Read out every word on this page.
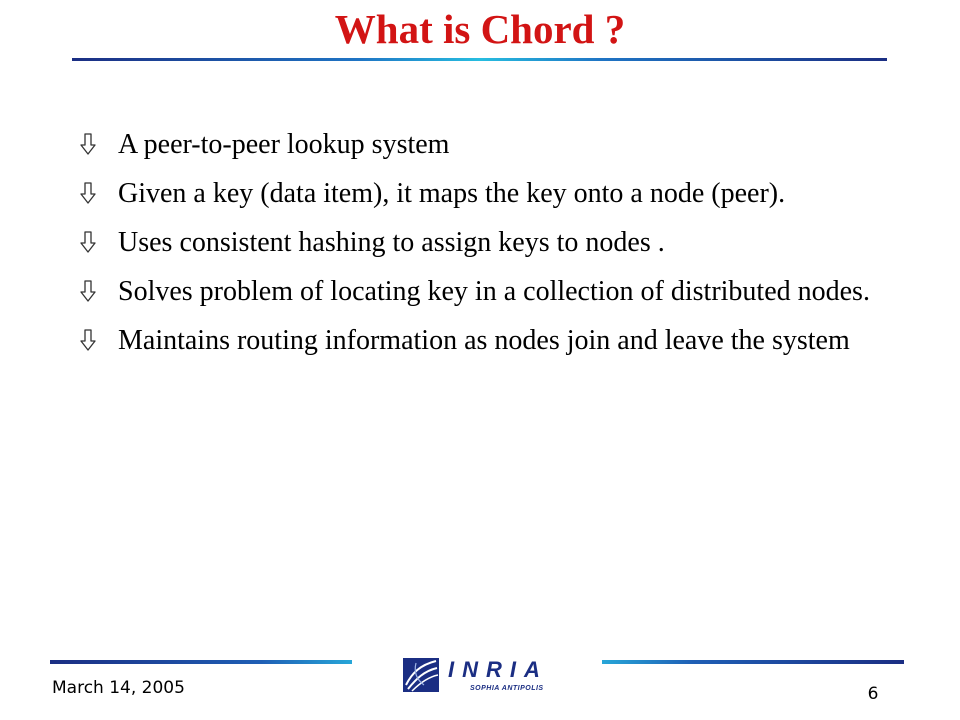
What is Chord ?
A peer-to-peer lookup system
Given a key (data item), it maps the key onto a node (peer).
Uses consistent hashing to assign keys to nodes .
Solves problem of locating key in a collection of distributed nodes.
Maintains routing information as nodes join and leave the system
March 14, 2005
INRIA
SOPHIA ANTIPOLIS	6
